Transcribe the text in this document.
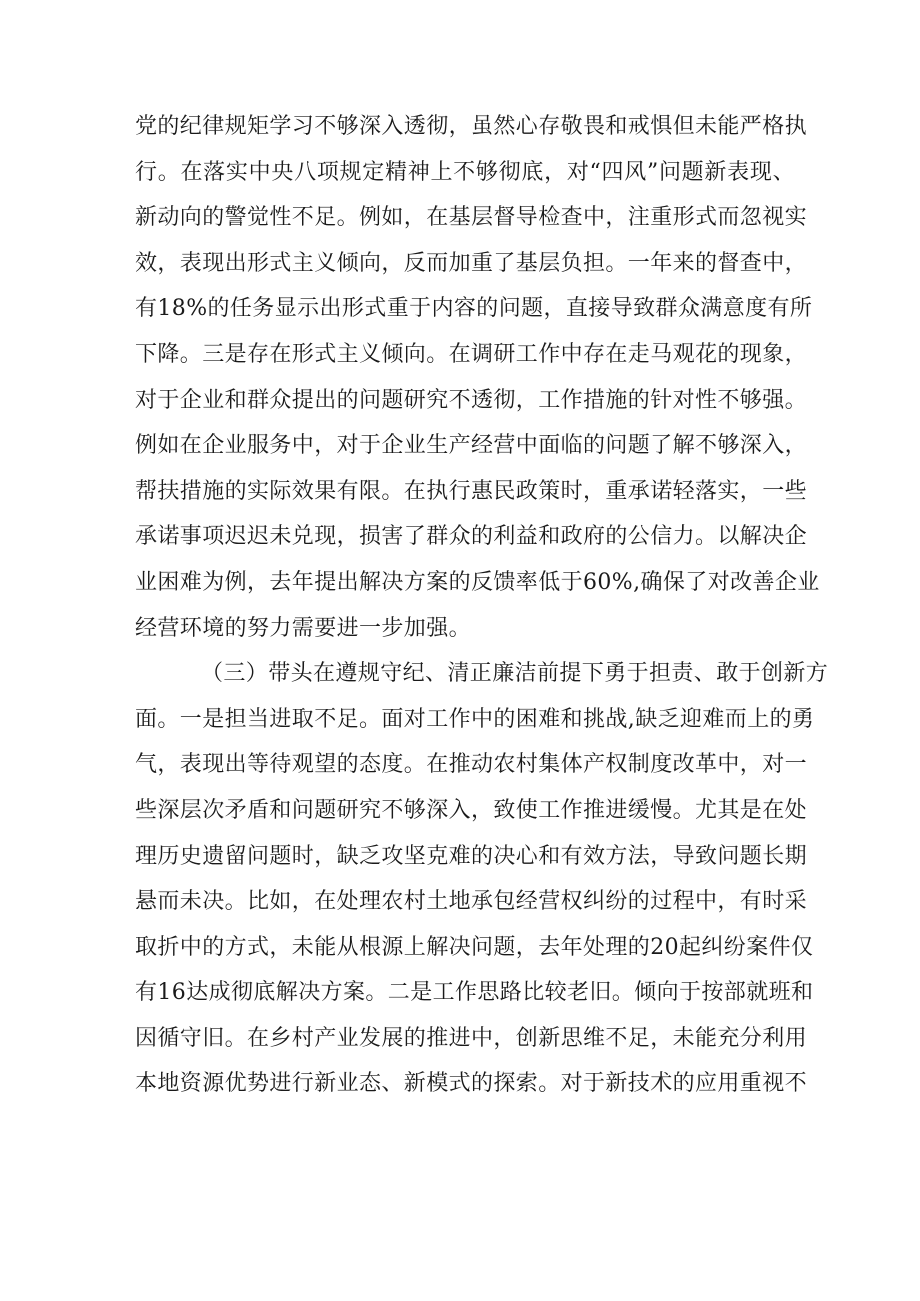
党的纪律规矩学习不够深入透彻，虽然心存敬畏和戒惧但未能严格执
行。在落实中央八项规定精神上不够彻底，对“四风”问题新表现、
新动向的警觉性不足。例如，在基层督导检查中，注重形式而忽视实
效，表现出形式主义倾向，反而加重了基层负担。一年来的督查中，
有18%的任务显示出形式重于内容的问题，直接导致群众满意度有所
下降。三是存在形式主义倾向。在调研工作中存在走马观花的现象，
对于企业和群众提出的问题研究不透彻，工作措施的针对性不够强。
例如在企业服务中，对于企业生产经营中面临的问题了解不够深入，
帮扶措施的实际效果有限。在执行惠民政策时，重承诺轻落实，一些
承诺事项迟迟未兑现，损害了群众的利益和政府的公信力。以解决企
业困难为例，去年提出解决方案的反馈率低于60%,确保了对改善企业
经营环境的努力需要进一步加强。
（三）带头在遵规守纪、清正廉洁前提下勇于担责、敢于创新方
面。一是担当进取不足。面对工作中的困难和挑战,缺乏迎难而上的勇
气，表现出等待观望的态度。在推动农村集体产权制度改革中，对一
些深层次矛盾和问题研究不够深入，致使工作推进缓慢。尤其是在处
理历史遗留问题时，缺乏攻坚克难的决心和有效方法，导致问题长期
悬而未决。比如，在处理农村土地承包经营权纠纷的过程中，有时采
取折中的方式，未能从根源上解决问题，去年处理的20起纠纷案件仅
有16达成彻底解决方案。二是工作思路比较老旧。倾向于按部就班和
因循守旧。在乡村产业发展的推进中，创新思维不足，未能充分利用
本地资源优势进行新业态、新模式的探索。对于新技术的应用重视不
